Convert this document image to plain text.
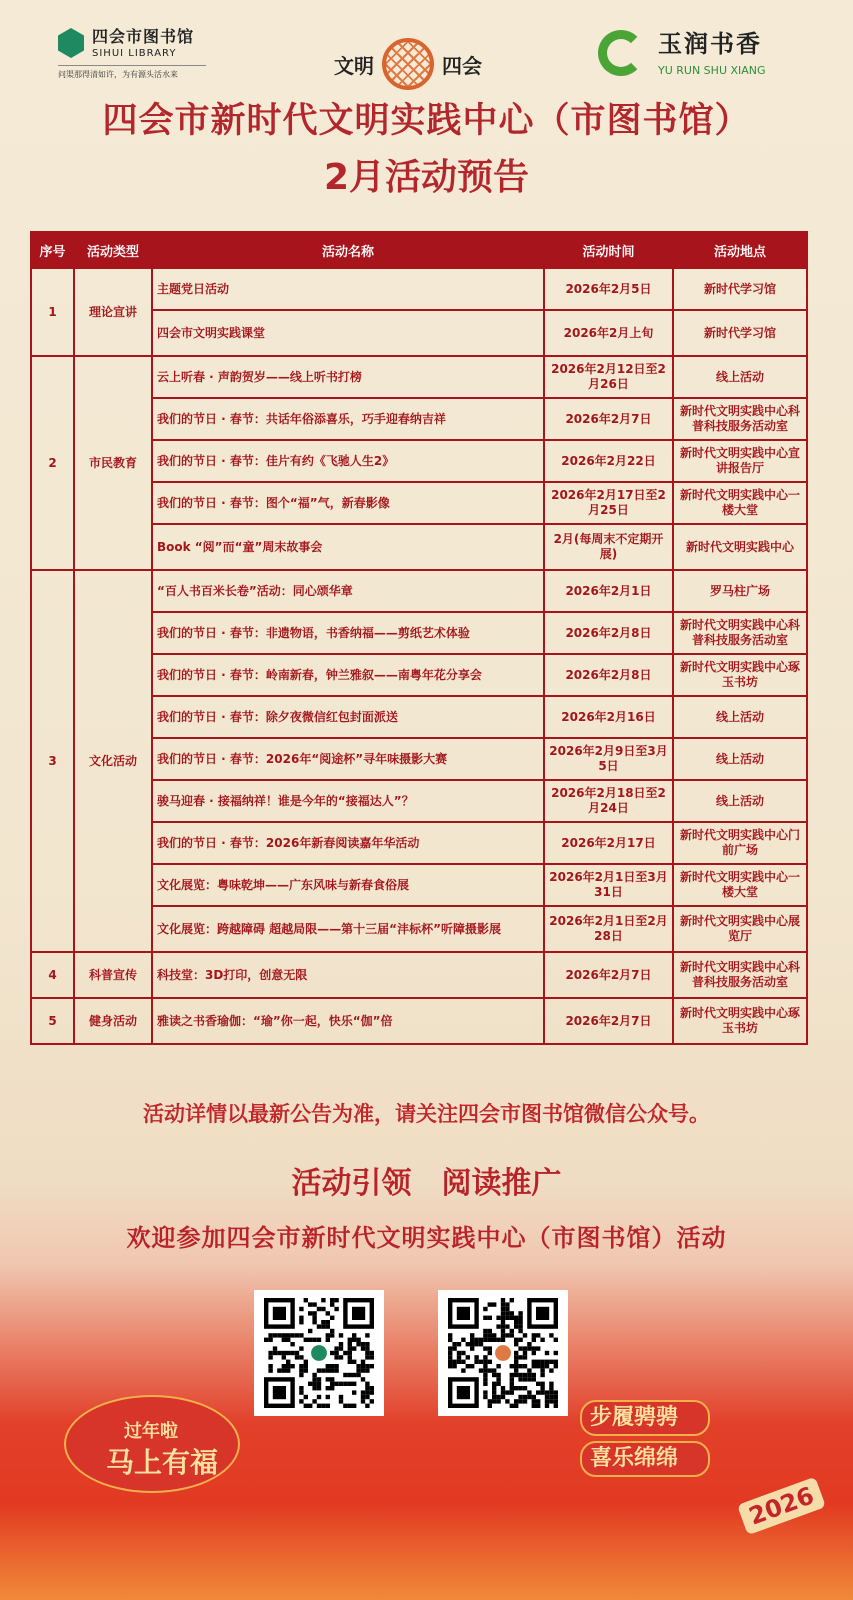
四会市图书馆
SIHUI LIBRARY
问渠那得清如许，为有源头活水来	文明	四会
玉润书香
YU RUN SHU XIANG
四会市新时代文明实践中心（市图书馆）
2月活动预告
序号	活动类型	活动名称	活动时间	活动地点
1	理论宣讲	主题党日活动	2026年2月5日	新时代学习馆
		四会市文明实践课堂	2026年2月上旬	新时代学习馆
2	市民教育	云上听春 · 声韵贺岁——线上听书打榜	2026年2月12日至2月26日	线上活动
		我们的节日 · 春节：共话年俗添喜乐，巧手迎春纳吉祥	2026年2月7日	新时代文明实践中心科普科技服务活动室
		我们的节日 · 春节：佳片有约《飞驰人生2》	2026年2月22日	新时代文明实践中心宣讲报告厅
		我们的节日 · 春节：图个“福”气，新春影像	2026年2月17日至2月25日	新时代文明实践中心一楼大堂
		Book “阅”而“童”周末故事会	2月(每周末不定期开展)	新时代文明实践中心
3	文化活动	“百人书百米长卷”活动：同心颂华章	2026年2月1日	罗马柱广场
		我们的节日 · 春节：非遗物语，书香纳福——剪纸艺术体验	2026年2月8日	新时代文明实践中心科普科技服务活动室
		我们的节日 · 春节：岭南新春，钟兰雅叙——南粤年花分享会	2026年2月8日	新时代文明实践中心琢玉书坊
		我们的节日 · 春节：除夕夜微信红包封面派送	2026年2月16日	线上活动
		我们的节日 · 春节：2026年“阅途杯”寻年味摄影大赛	2026年2月9日至3月5日	线上活动
		骏马迎春 · 接福纳祥！谁是今年的“接福达人”？	2026年2月18日至2月24日	线上活动
		我们的节日 · 春节：2026年新春阅读嘉年华活动	2026年2月17日	新时代文明实践中心门前广场
		文化展览：粤味乾坤——广东风味与新春食俗展	2026年2月1日至3月31日	新时代文明实践中心一楼大堂
		文化展览：跨越障碍 超越局限——第十三届“沣标杯”听障摄影展	2026年2月1日至2月28日	新时代文明实践中心展览厅
4	科普宣传	科技堂：3D打印，创意无限	2026年2月7日	新时代文明实践中心科普科技服务活动室
5	健身活动	雅读之书香瑜伽：“瑜”你一起，快乐“伽”倍	2026年2月7日	新时代文明实践中心琢玉书坊
活动详情以最新公告为准，请关注四会市图书馆微信公众号。
活动引领　阅读推广
欢迎参加四会市新时代文明实践中心（市图书馆）活动
过年啦
马上有福
步履骋骋
喜乐绵绵
2026
